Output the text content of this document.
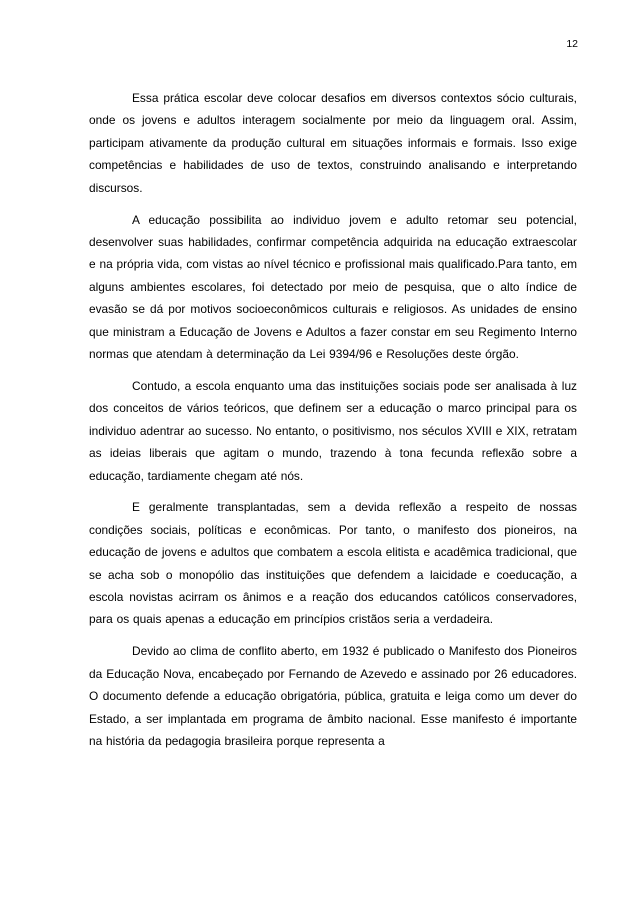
12

Essa prática escolar deve colocar desafios em diversos contextos sócio culturais, onde os jovens e adultos interagem socialmente por meio da linguagem oral. Assim, participam ativamente da produção cultural em situações informais e formais. Isso exige competências e habilidades de uso de textos, construindo analisando e interpretando discursos.

A educação possibilita ao individuo jovem e adulto retomar seu potencial, desenvolver suas habilidades, confirmar competência adquirida na educação extraescolar e na própria vida, com vistas ao nível técnico e profissional mais qualificado.Para tanto, em alguns ambientes escolares, foi detectado por meio de pesquisa, que o alto índice de evasão se dá por motivos socioeconômicos culturais e religiosos. As unidades de ensino que ministram a Educação de Jovens e Adultos a fazer constar em seu Regimento Interno normas que atendam à determinação da Lei 9394/96 e Resoluções deste órgão.

Contudo, a escola enquanto uma das instituições sociais pode ser analisada à luz dos conceitos de vários teóricos, que definem ser a educação o marco principal para os individuo adentrar ao sucesso. No entanto, o positivismo, nos séculos XVIII e XIX, retratam as ideias liberais que agitam o mundo, trazendo à tona fecunda reflexão sobre a educação, tardiamente chegam até nós.

E geralmente transplantadas, sem a devida reflexão a respeito de nossas condições sociais, políticas e econômicas. Por tanto, o manifesto dos pioneiros, na educação de jovens e adultos que combatem a escola elitista e acadêmica tradicional, que se acha sob o monopólio das instituições que defendem a laicidade e coeducação, a escola novistas acirram os ânimos e a reação dos educandos católicos conservadores, para os quais apenas a educação em princípios cristãos seria a verdadeira.

Devido ao clima de conflito aberto, em 1932 é publicado o Manifesto dos Pioneiros da Educação Nova, encabeçado por Fernando de Azevedo e assinado por 26 educadores. O documento defende a educação obrigatória, pública, gratuita e leiga como um dever do Estado, a ser implantada em programa de âmbito nacional. Esse manifesto é importante na história da pedagogia brasileira porque representa a
